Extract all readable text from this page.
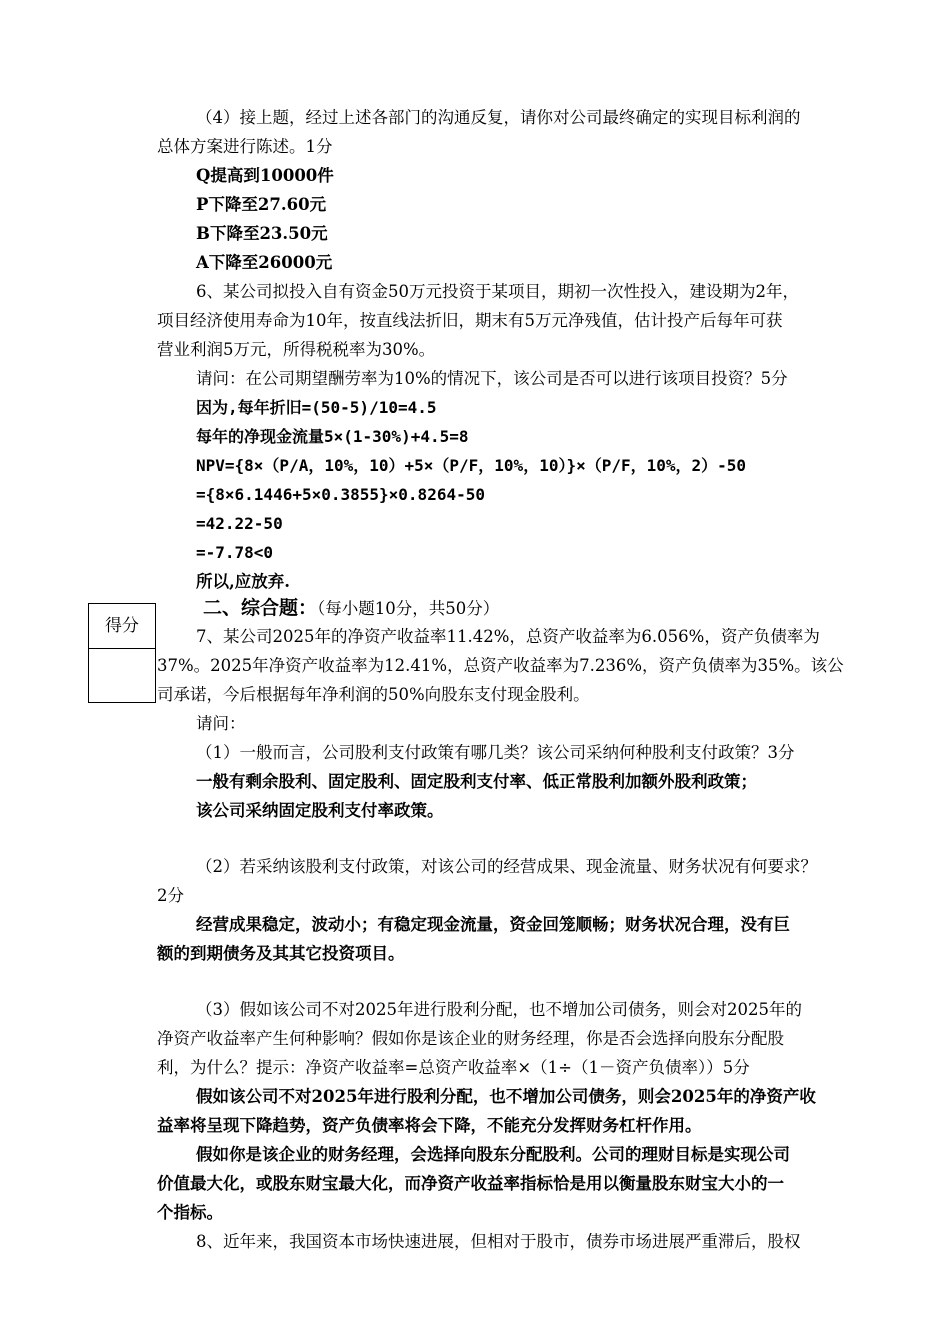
（4）接上题，经过上述各部门的沟通反复，请你对公司最终确定的实现目标利润的
总体方案进行陈述。1分
Q提高到10000件
P下降至27.60元
B下降至23.50元
A下降至26000元
6、某公司拟投入自有资金50万元投资于某项目，期初一次性投入，建设期为2年，
项目经济使用寿命为10年，按直线法折旧，期末有5万元净残值，估计投产后每年可获
营业利润5万元，所得税税率为30%。
请问：在公司期望酬劳率为10%的情况下，该公司是否可以进行该项目投资？5分
因为,每年折旧=(50-5)/10=4.5
每年的净现金流量5×(1-30%)+4.5=8
NPV={8×（P/A，10%，10）+5×（P/F，10%，10）}×（P/F，10%，2）-50
={8×6.1446+5×0.3855}×0.8264-50
=42.22-50
=-7.78<0
所以,应放弃.
得分
二、综合题：（每小题10分，共50分）
7、某公司2025年的净资产收益率11.42%，总资产收益率为6.056%，资产负债率为
37%。2025年净资产收益率为12.41%，总资产收益率为7.236%，资产负债率为35%。该公
司承诺，今后根据每年净利润的50%向股东支付现金股利。
请问：
（1）一般而言，公司股利支付政策有哪几类？该公司采纳何种股利支付政策？3分
一般有剩余股利、固定股利、固定股利支付率、低正常股利加额外股利政策；
该公司采纳固定股利支付率政策。
（2）若采纳该股利支付政策，对该公司的经营成果、现金流量、财务状况有何要求？
2分
经营成果稳定，波动小；有稳定现金流量，资金回笼顺畅；财务状况合理，没有巨
额的到期债务及其其它投资项目。
（3）假如该公司不对2025年进行股利分配，也不增加公司债务，则会对2025年的
净资产收益率产生何种影响？假如你是该企业的财务经理，你是否会选择向股东分配股
利，为什么？提示：净资产收益率=总资产收益率×（1÷（1－资产负债率））5分
假如该公司不对2025年进行股利分配，也不增加公司债务，则会2025年的净资产收
益率将呈现下降趋势，资产负债率将会下降，不能充分发挥财务杠杆作用。
假如你是该企业的财务经理，会选择向股东分配股利。公司的理财目标是实现公司
价值最大化，或股东财宝最大化，而净资产收益率指标恰是用以衡量股东财宝大小的一
个指标。
8、近年来，我国资本市场快速进展，但相对于股市，债券市场进展严重滞后，股权
